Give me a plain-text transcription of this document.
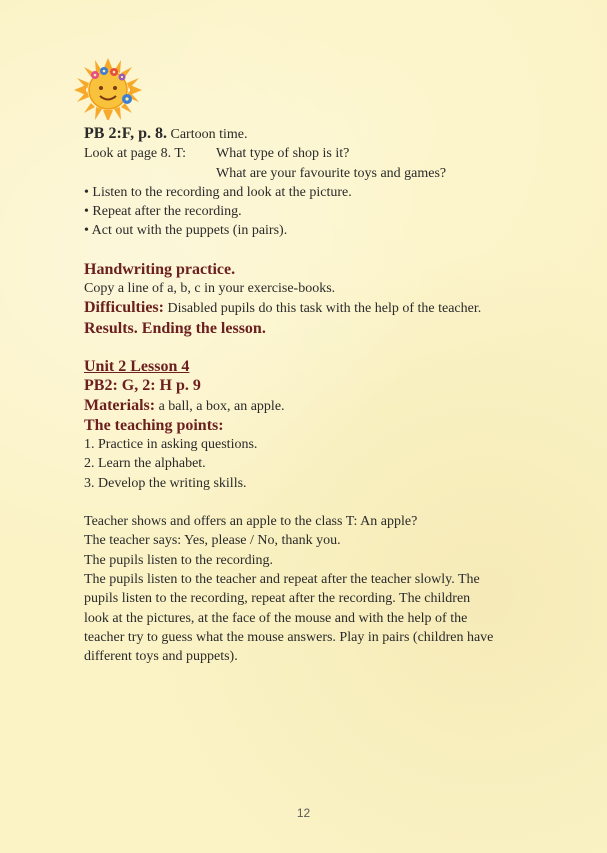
PB 2:F, p. 8. Cartoon time.

Look at page 8. T: What type of shop is it?

What are your favourite toys and games?

• Listen to the recording and look at the picture.

• Repeat after the recording.

• Act out with the puppets (in pairs).

Handwriting practice.

Copy a line of a, b, c in your exercise-books.

Difficulties: Disabled pupils do this task with the help of the teacher.

Results. Ending the lesson.

Unit 2 Lesson 4

PB2: G, 2: H p. 9

Materials: a ball, a box, an apple.

The teaching points:

1. Practice in asking questions.

2. Learn the alphabet.

3. Develop the writing skills.

Teacher shows and offers an apple to the class T: An apple?

The teacher says: Yes, please / No, thank you.

The pupils listen to the recording.

The pupils listen to the teacher and repeat after the teacher slowly. The pupils listen to the recording, repeat after the recording. The children look at the pictures, at the face of the mouse and with the help of the teacher try to guess what the mouse answers. Play in pairs (children have different toys and puppets).

12
